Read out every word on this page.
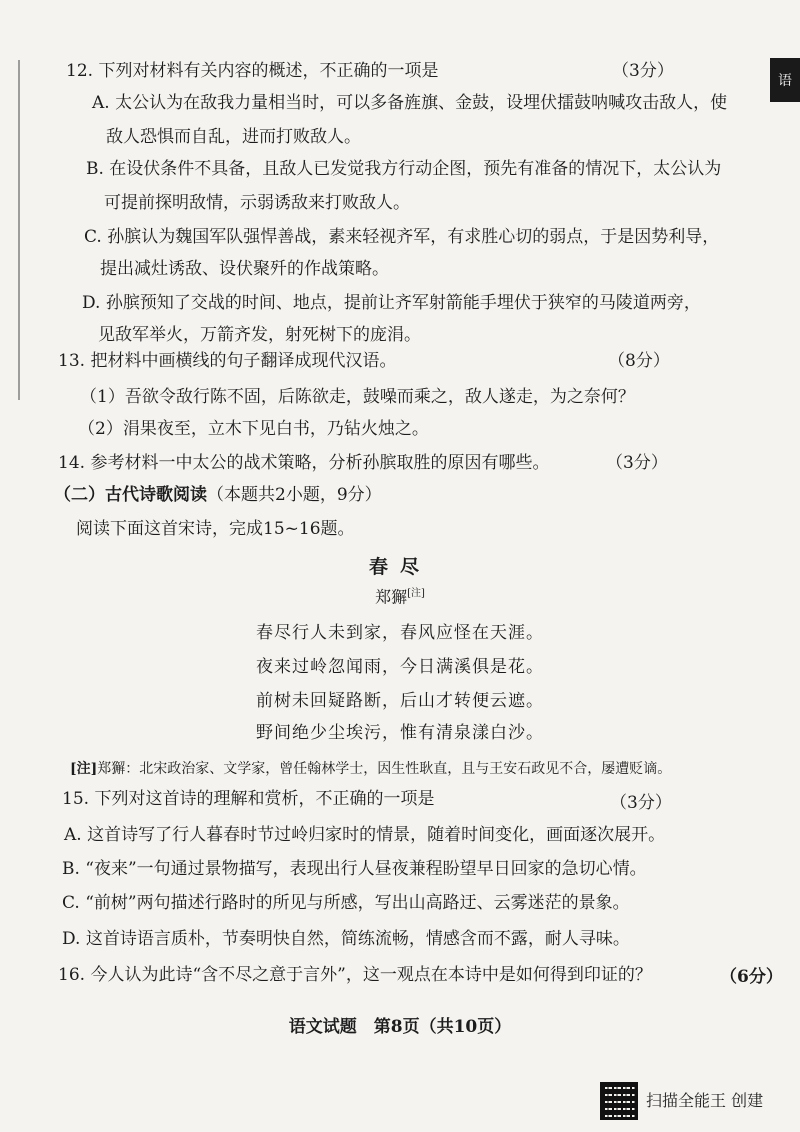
语
12. 下列对材料有关内容的概述，不正确的一项是	（3分）
A. 太公认为在敌我力量相当时，可以多备旌旗、金鼓，设埋伏擂鼓呐喊攻击敌人，使
敌人恐惧而自乱，进而打败敌人。
B. 在设伏条件不具备，且敌人已发觉我方行动企图，预先有准备的情况下，太公认为
可提前探明敌情，示弱诱敌来打败敌人。
C. 孙膑认为魏国军队强悍善战，素来轻视齐军，有求胜心切的弱点，于是因势利导，
提出减灶诱敌、设伏聚歼的作战策略。
D. 孙膑预知了交战的时间、地点，提前让齐军射箭能手埋伏于狭窄的马陵道两旁，
见敌军举火，万箭齐发，射死树下的庞涓。
13. 把材料中画横线的句子翻译成现代汉语。	（8分）
（1）吾欲令敌行陈不固，后陈欲走，鼓噪而乘之，敌人遂走，为之奈何？
（2）涓果夜至，立木下见白书，乃钻火烛之。
14. 参考材料一中太公的战术策略，分析孙膑取胜的原因有哪些。	（3分）
（二）古代诗歌阅读（本题共2小题，9分）
阅读下面这首宋诗，完成15~16题。
春尽
郑獬[注]
春尽行人未到家，春风应怪在天涯。
夜来过岭忽闻雨，今日满溪俱是花。
前树未回疑路断，后山才转便云遮。
野间绝少尘埃污，惟有清泉漾白沙。
[注]郑獬：北宋政治家、文学家，曾任翰林学士，因生性耿直，且与王安石政见不合，屡遭贬谪。
15. 下列对这首诗的理解和赏析，不正确的一项是	（3分）
A. 这首诗写了行人暮春时节过岭归家时的情景，随着时间变化，画面逐次展开。
B. “夜来”一句通过景物描写，表现出行人昼夜兼程盼望早日回家的急切心情。
C. “前树”两句描述行路时的所见与所感，写出山高路迂、云雾迷茫的景象。
D. 这首诗语言质朴，节奏明快自然，简练流畅，情感含而不露，耐人寻味。
16. 今人认为此诗“含不尽之意于言外”，这一观点在本诗中是如何得到印证的？	（6分）
语文试题　第8页（共10页）
扫描全能王 创建
